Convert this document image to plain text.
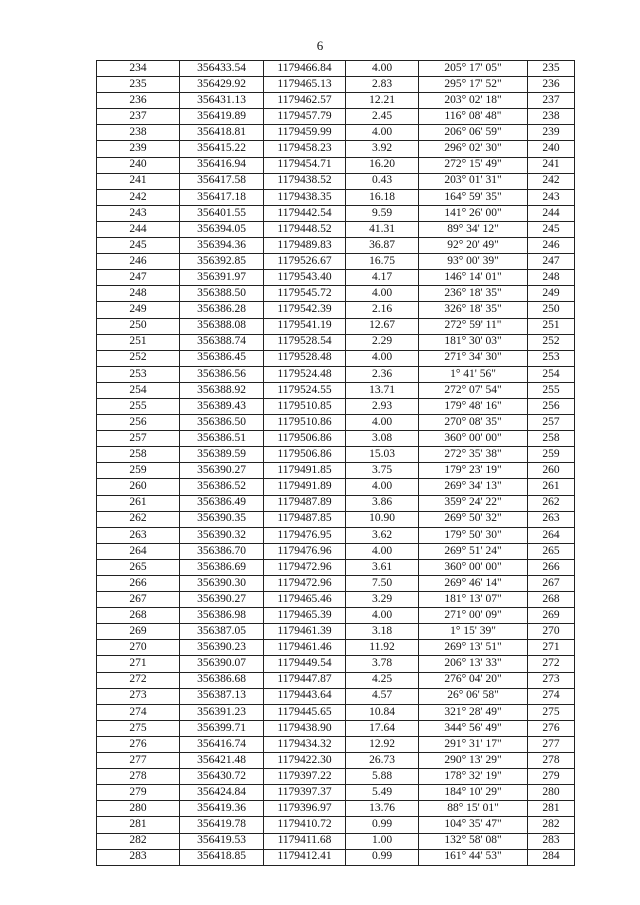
6
234	356433.54	1179466.84	4.00	205° 17' 05"	235
235	356429.92	1179465.13	2.83	295° 17' 52"	236
236	356431.13	1179462.57	12.21	203° 02' 18"	237
237	356419.89	1179457.79	2.45	116° 08' 48"	238
238	356418.81	1179459.99	4.00	206° 06' 59"	239
239	356415.22	1179458.23	3.92	296° 02' 30"	240
240	356416.94	1179454.71	16.20	272° 15' 49"	241
241	356417.58	1179438.52	0.43	203° 01' 31"	242
242	356417.18	1179438.35	16.18	164° 59' 35"	243
243	356401.55	1179442.54	9.59	141° 26' 00"	244
244	356394.05	1179448.52	41.31	89° 34' 12"	245
245	356394.36	1179489.83	36.87	92° 20' 49"	246
246	356392.85	1179526.67	16.75	93° 00' 39"	247
247	356391.97	1179543.40	4.17	146° 14' 01"	248
248	356388.50	1179545.72	4.00	236° 18' 35"	249
249	356386.28	1179542.39	2.16	326° 18' 35"	250
250	356388.08	1179541.19	12.67	272° 59' 11"	251
251	356388.74	1179528.54	2.29	181° 30' 03"	252
252	356386.45	1179528.48	4.00	271° 34' 30"	253
253	356386.56	1179524.48	2.36	1° 41' 56"	254
254	356388.92	1179524.55	13.71	272° 07' 54"	255
255	356389.43	1179510.85	2.93	179° 48' 16"	256
256	356386.50	1179510.86	4.00	270° 08' 35"	257
257	356386.51	1179506.86	3.08	360° 00' 00"	258
258	356389.59	1179506.86	15.03	272° 35' 38"	259
259	356390.27	1179491.85	3.75	179° 23' 19"	260
260	356386.52	1179491.89	4.00	269° 34' 13"	261
261	356386.49	1179487.89	3.86	359° 24' 22"	262
262	356390.35	1179487.85	10.90	269° 50' 32"	263
263	356390.32	1179476.95	3.62	179° 50' 30"	264
264	356386.70	1179476.96	4.00	269° 51' 24"	265
265	356386.69	1179472.96	3.61	360° 00' 00"	266
266	356390.30	1179472.96	7.50	269° 46' 14"	267
267	356390.27	1179465.46	3.29	181° 13' 07"	268
268	356386.98	1179465.39	4.00	271° 00' 09"	269
269	356387.05	1179461.39	3.18	1° 15' 39"	270
270	356390.23	1179461.46	11.92	269° 13' 51"	271
271	356390.07	1179449.54	3.78	206° 13' 33"	272
272	356386.68	1179447.87	4.25	276° 04' 20"	273
273	356387.13	1179443.64	4.57	26° 06' 58"	274
274	356391.23	1179445.65	10.84	321° 28' 49"	275
275	356399.71	1179438.90	17.64	344° 56' 49"	276
276	356416.74	1179434.32	12.92	291° 31' 17"	277
277	356421.48	1179422.30	26.73	290° 13' 29"	278
278	356430.72	1179397.22	5.88	178° 32' 19"	279
279	356424.84	1179397.37	5.49	184° 10' 29"	280
280	356419.36	1179396.97	13.76	88° 15' 01"	281
281	356419.78	1179410.72	0.99	104° 35' 47"	282
282	356419.53	1179411.68	1.00	132° 58' 08"	283
283	356418.85	1179412.41	0.99	161° 44' 53"	284
